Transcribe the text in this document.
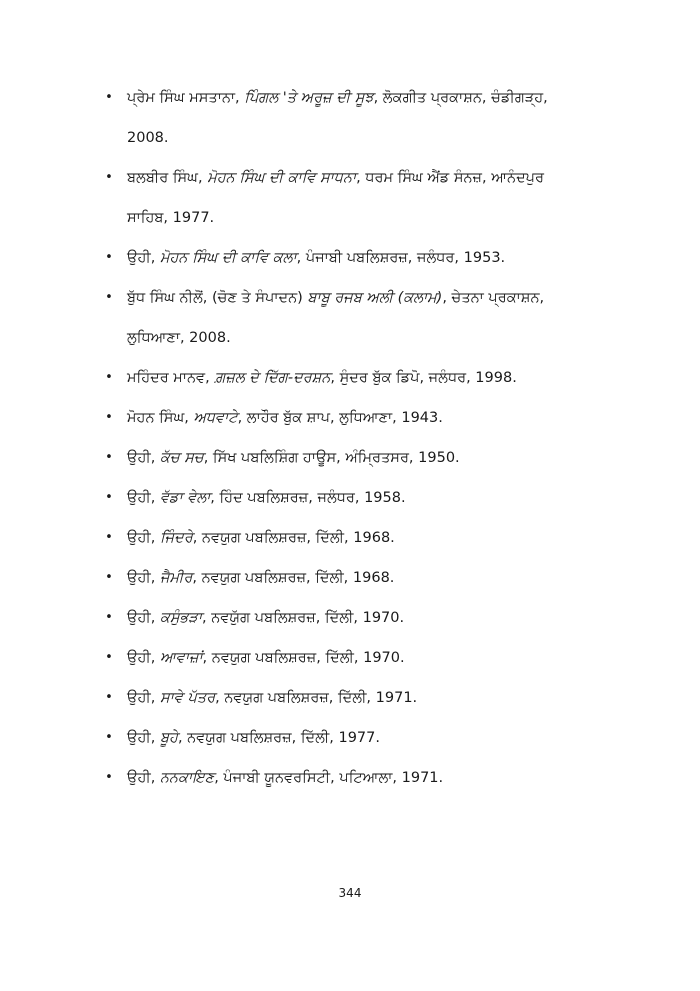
• ਪ੍ਰੇਮ ਸਿੰਘ ਮਸਤਾਨਾ, ਪਿੰਗਲ 'ਤੇ ਅਰੂਜ਼ ਦੀ ਸੂਝ, ਲੋਕਗੀਤ ਪ੍ਰਕਾਸ਼ਨ, ਚੰਡੀਗੜ੍ਹ, 2008.
• ਬਲਬੀਰ ਸਿੰਘ, ਮੋਹਨ ਸਿੰਘ ਦੀ ਕਾਵਿ ਸਾਧਨਾ, ਧਰਮ ਸਿੰਘ ਐਂਡ ਸੰਨਜ਼, ਆਨੰਦਪੁਰ ਸਾਹਿਬ, 1977.
• ਉਹੀ, ਮੋਹਨ ਸਿੰਘ ਦੀ ਕਾਵਿ ਕਲਾ, ਪੰਜਾਬੀ ਪਬਲਿਸ਼ਰਜ਼, ਜਲੰਧਰ, 1953.
• ਬੁੱਧ ਸਿੰਘ ਨੀਲੋਂ, (ਚੋਣ ਤੇ ਸੰਪਾਦਨ) ਬਾਬੂ ਰਜਬ ਅਲੀ (ਕਲਾਮ), ਚੇਤਨਾ ਪ੍ਰਕਾਸ਼ਨ, ਲੁਧਿਆਣਾ, 2008.
• ਮਹਿੰਦਰ ਮਾਨਵ, ਗ਼ਜ਼ਲ ਦੇ ਦਿੱਗ-ਦਰਸ਼ਨ, ਸੁੰਦਰ ਬੁੱਕ ਡਿਪੋ, ਜਲੰਧਰ, 1998.
• ਮੋਹਨ ਸਿੰਘ, ਅਧਵਾਟੇ, ਲਾਹੌਰ ਬੁੱਕ ਸ਼ਾਪ, ਲੁਧਿਆਣਾ, 1943.
• ਉਹੀ, ਕੱਚ ਸਚ, ਸਿੱਖ ਪਬਲਿਸ਼ਿੰਗ ਹਾਊਸ, ਅੰਮ੍ਰਿਤਸਰ, 1950.
• ਉਹੀ, ਵੱਡਾ ਵੇਲਾ, ਹਿੰਦ ਪਬਲਿਸ਼ਰਜ਼, ਜਲੰਧਰ, 1958.
• ਉਹੀ, ਜਿੰਦਰੇ, ਨਵਯੁਗ ਪਬਲਿਸ਼ਰਜ਼, ਦਿੱਲੀ, 1968.
• ਉਹੀ, ਜੈਮੀਰ, ਨਵਯੁਗ ਪਬਲਿਸ਼ਰਜ਼, ਦਿੱਲੀ, 1968.
• ਉਹੀ, ਕਸੁੰਭੜਾ, ਨਵਯੁੱਗ ਪਬਲਿਸ਼ਰਜ਼, ਦਿੱਲੀ, 1970.
• ਉਹੀ, ਆਵਾਜ਼ਾਂ, ਨਵਯੁਗ ਪਬਲਿਸ਼ਰਜ਼, ਦਿੱਲੀ, 1970.
• ਉਹੀ, ਸਾਵੇ ਪੱਤਰ, ਨਵਯੁਗ ਪਬਲਿਸ਼ਰਜ਼, ਦਿੱਲੀ, 1971.
• ਉਹੀ, ਬੂਹੇ, ਨਵਯੁਗ ਪਬਲਿਸ਼ਰਜ਼, ਦਿੱਲੀ, 1977.
• ਉਹੀ, ਨਨਕਾਇਣ, ਪੰਜਾਬੀ ਯੂਨਵਰਸਿਟੀ, ਪਟਿਆਲਾ, 1971.
344
